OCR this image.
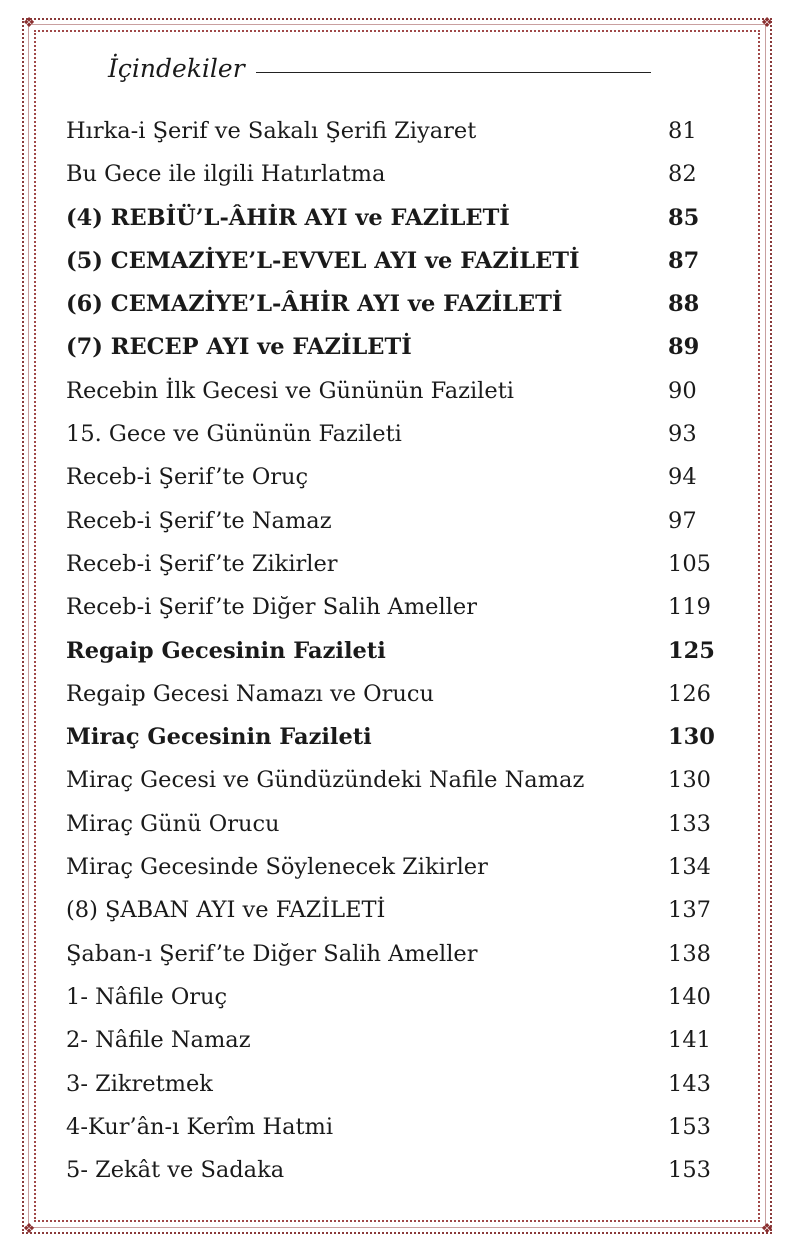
❖	❖
❖	❖
İçindekiler
Hırka-i Şerif ve Sakalı Şerifi Ziyaret	81
Bu Gece ile ilgili Hatırlatma	82
(4) REBİÜ’L-ÂHİR AYI ve FAZİLETİ	85
(5) CEMAZİYE’L-EVVEL AYI ve FAZİLETİ	87
(6) CEMAZİYE’L-ÂHİR AYI ve FAZİLETİ	88
(7) RECEP AYI ve FAZİLETİ	89
Recebin İlk Gecesi ve Gününün Fazileti	90
15. Gece ve Gününün Fazileti	93
Receb-i Şerif’te Oruç	94
Receb-i Şerif’te Namaz	97
Receb-i Şerif’te Zikirler	105
Receb-i Şerif’te Diğer Salih Ameller	119
Regaip Gecesinin Fazileti	125
Regaip Gecesi Namazı ve Orucu	126
Miraç Gecesinin Fazileti	130
Miraç Gecesi ve Gündüzündeki Nafile Namaz	130
Miraç Günü Orucu	133
Miraç Gecesinde Söylenecek Zikirler	134
(8) ŞABAN AYI ve FAZİLETİ	137
Şaban-ı Şerif’te Diğer Salih Ameller	138
1- Nâfile Oruç	140
2- Nâfile Namaz	141
3- Zikretmek	143
4-Kur’ân-ı Kerîm Hatmi	153
5- Zekât ve Sadaka	153
